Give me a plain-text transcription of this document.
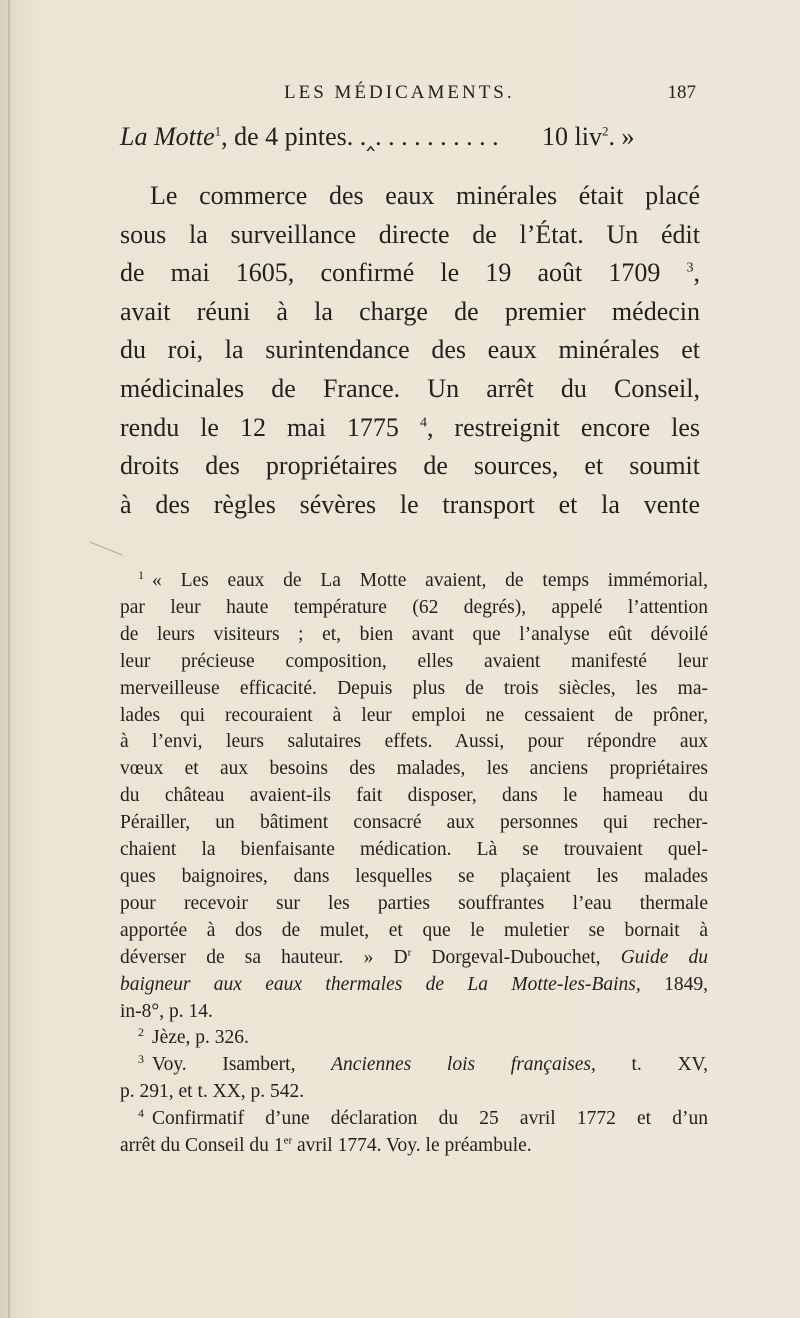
LES MÉDICAMENTS.	187
La Motte$^1$, de 4 pintes. .‸. . . . . . . . . . 10 liv$^2$. »
Le commerce des eaux minérales était placé
sous la surveillance directe de l’État. Un édit
de mai 1605, confirmé le 19 août 1709 $^3$,
avait réuni à la charge de premier médecin
du roi, la surintendance des eaux minérales et
médicinales de France. Un arrêt du Conseil,
rendu le 12 mai 1775 $^4$, restreignit encore les
droits des propriétaires de sources, et soumit
à des règles sévères le transport et la vente
$^1$ « Les eaux de La Motte avaient, de temps immémorial,
par leur haute température (62 degrés), appelé l’attention
de leurs visiteurs ; et, bien avant que l’analyse eût dévoilé
leur précieuse composition, elles avaient manifesté leur
merveilleuse efficacité. Depuis plus de trois siècles, les ma-
lades qui recouraient à leur emploi ne cessaient de prôner,
à l’envi, leurs salutaires effets. Aussi, pour répondre aux
vœux et aux besoins des malades, les anciens propriétaires
du château avaient-ils fait disposer, dans le hameau du
Pérailler, un bâtiment consacré aux personnes qui recher-
chaient la bienfaisante médication. Là se trouvaient quel-
ques baignoires, dans lesquelles se plaçaient les malades
pour recevoir sur les parties souffrantes l’eau thermale
apportée à dos de mulet, et que le muletier se bornait à
déverser de sa hauteur. » $D^r$ Dorgeval-Dubouchet, Guide du
baigneur aux eaux thermales de La Motte-les-Bains, 1849,
in-8°, p. 14.
$^2$ Jèze, p. 326.
$^3$ Voy. Isambert, Anciennes lois françaises, t. XV,
p. 291, et t. XX, p. 542.
$^4$ Confirmatif d’une déclaration du 25 avril 1772 et d’un
arrêt du Conseil du 1er avril 1774. Voy. le préambule.
